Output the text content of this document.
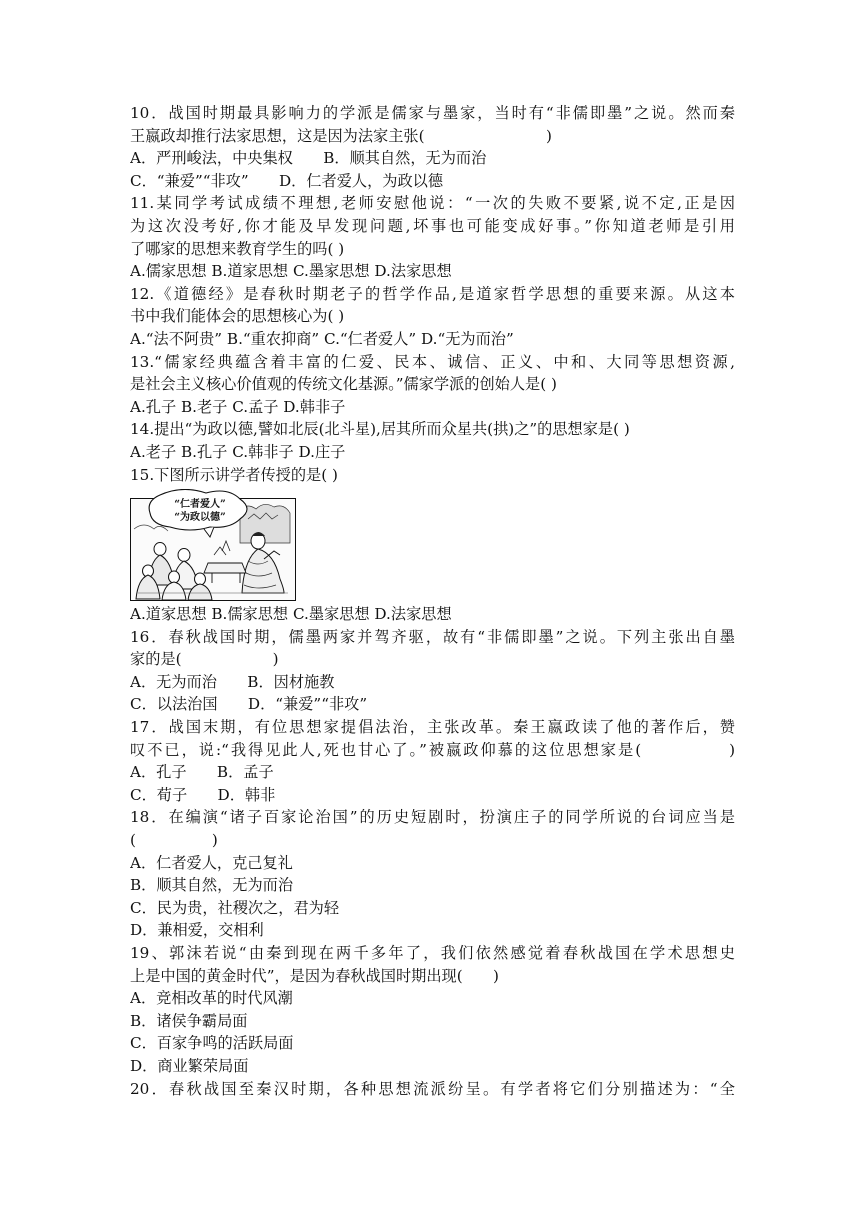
10．战国时期最具影响力的学派是儒家与墨家，当时有“非儒即墨”之说。然而秦
王嬴政却推行法家思想，这是因为法家主张(　　　　　　　　)
A．严刑峻法，中央集权　　B．顺其自然，无为而治
C．“兼爱”“非攻”　　D．仁者爱人，为政以德
11.某同学考试成绩不理想,老师安慰他说：“一次的失败不要紧,说不定,正是因
为这次没考好,你才能及早发现问题,坏事也可能变成好事。”你知道老师是引用
了哪家的思想来教育学生的吗( )
A.儒家思想 B.道家思想 C.墨家思想 D.法家思想
12.《道德经》是春秋时期老子的哲学作品,是道家哲学思想的重要来源。从这本
书中我们能体会的思想核心为( )
A.“法不阿贵” B.“重农抑商” C.“仁者爱人” D.“无为而治”
13.“儒家经典蕴含着丰富的仁爱、民本、诚信、正义、中和、大同等思想资源,
是社会主义核心价值观的传统文化基源。”儒家学派的创始人是( )
A.孔子 B.老子 C.孟子 D.韩非子
14.提出“为政以德,譬如北辰(北斗星),居其所而众星共(拱)之”的思想家是( )
A.老子 B.孔子 C.韩非子 D.庄子
15.下图所示讲学者传授的是( )
“仁者爱人”
“为政以德”
A.道家思想 B.儒家思想 C.墨家思想 D.法家思想
16．春秋战国时期，儒墨两家并驾齐驱，故有“非儒即墨”之说。下列主张出自墨
家的是(　　　　　　)
A．无为而治　　B．因材施教
C．以法治国　　D．“兼爱”“非攻”
17．战国末期，有位思想家提倡法治，主张改革。秦王嬴政读了他的著作后，赞
叹不已，说:“我得见此人,死也甘心了。”被嬴政仰慕的这位思想家是(　　　　　)
A．孔子　　B．孟子
C．荀子　　D．韩非
18．在编演“诸子百家论治国”的历史短剧时，扮演庄子的同学所说的台词应当是
(　　　　　)
A．仁者爱人，克己复礼
B．顺其自然，无为而治
C．民为贵，社稷次之，君为轻
D．兼相爱，交相利
19、郭沫若说“由秦到现在两千多年了，我们依然感觉着春秋战国在学术思想史
上是中国的黄金时代”，是因为春秋战国时期出现(　　)
A．竞相改革的时代风潮
B．诸侯争霸局面
C．百家争鸣的活跃局面
D．商业繁荣局面
20．春秋战国至秦汉时期，各种思想流派纷呈。有学者将它们分别描述为：“全
